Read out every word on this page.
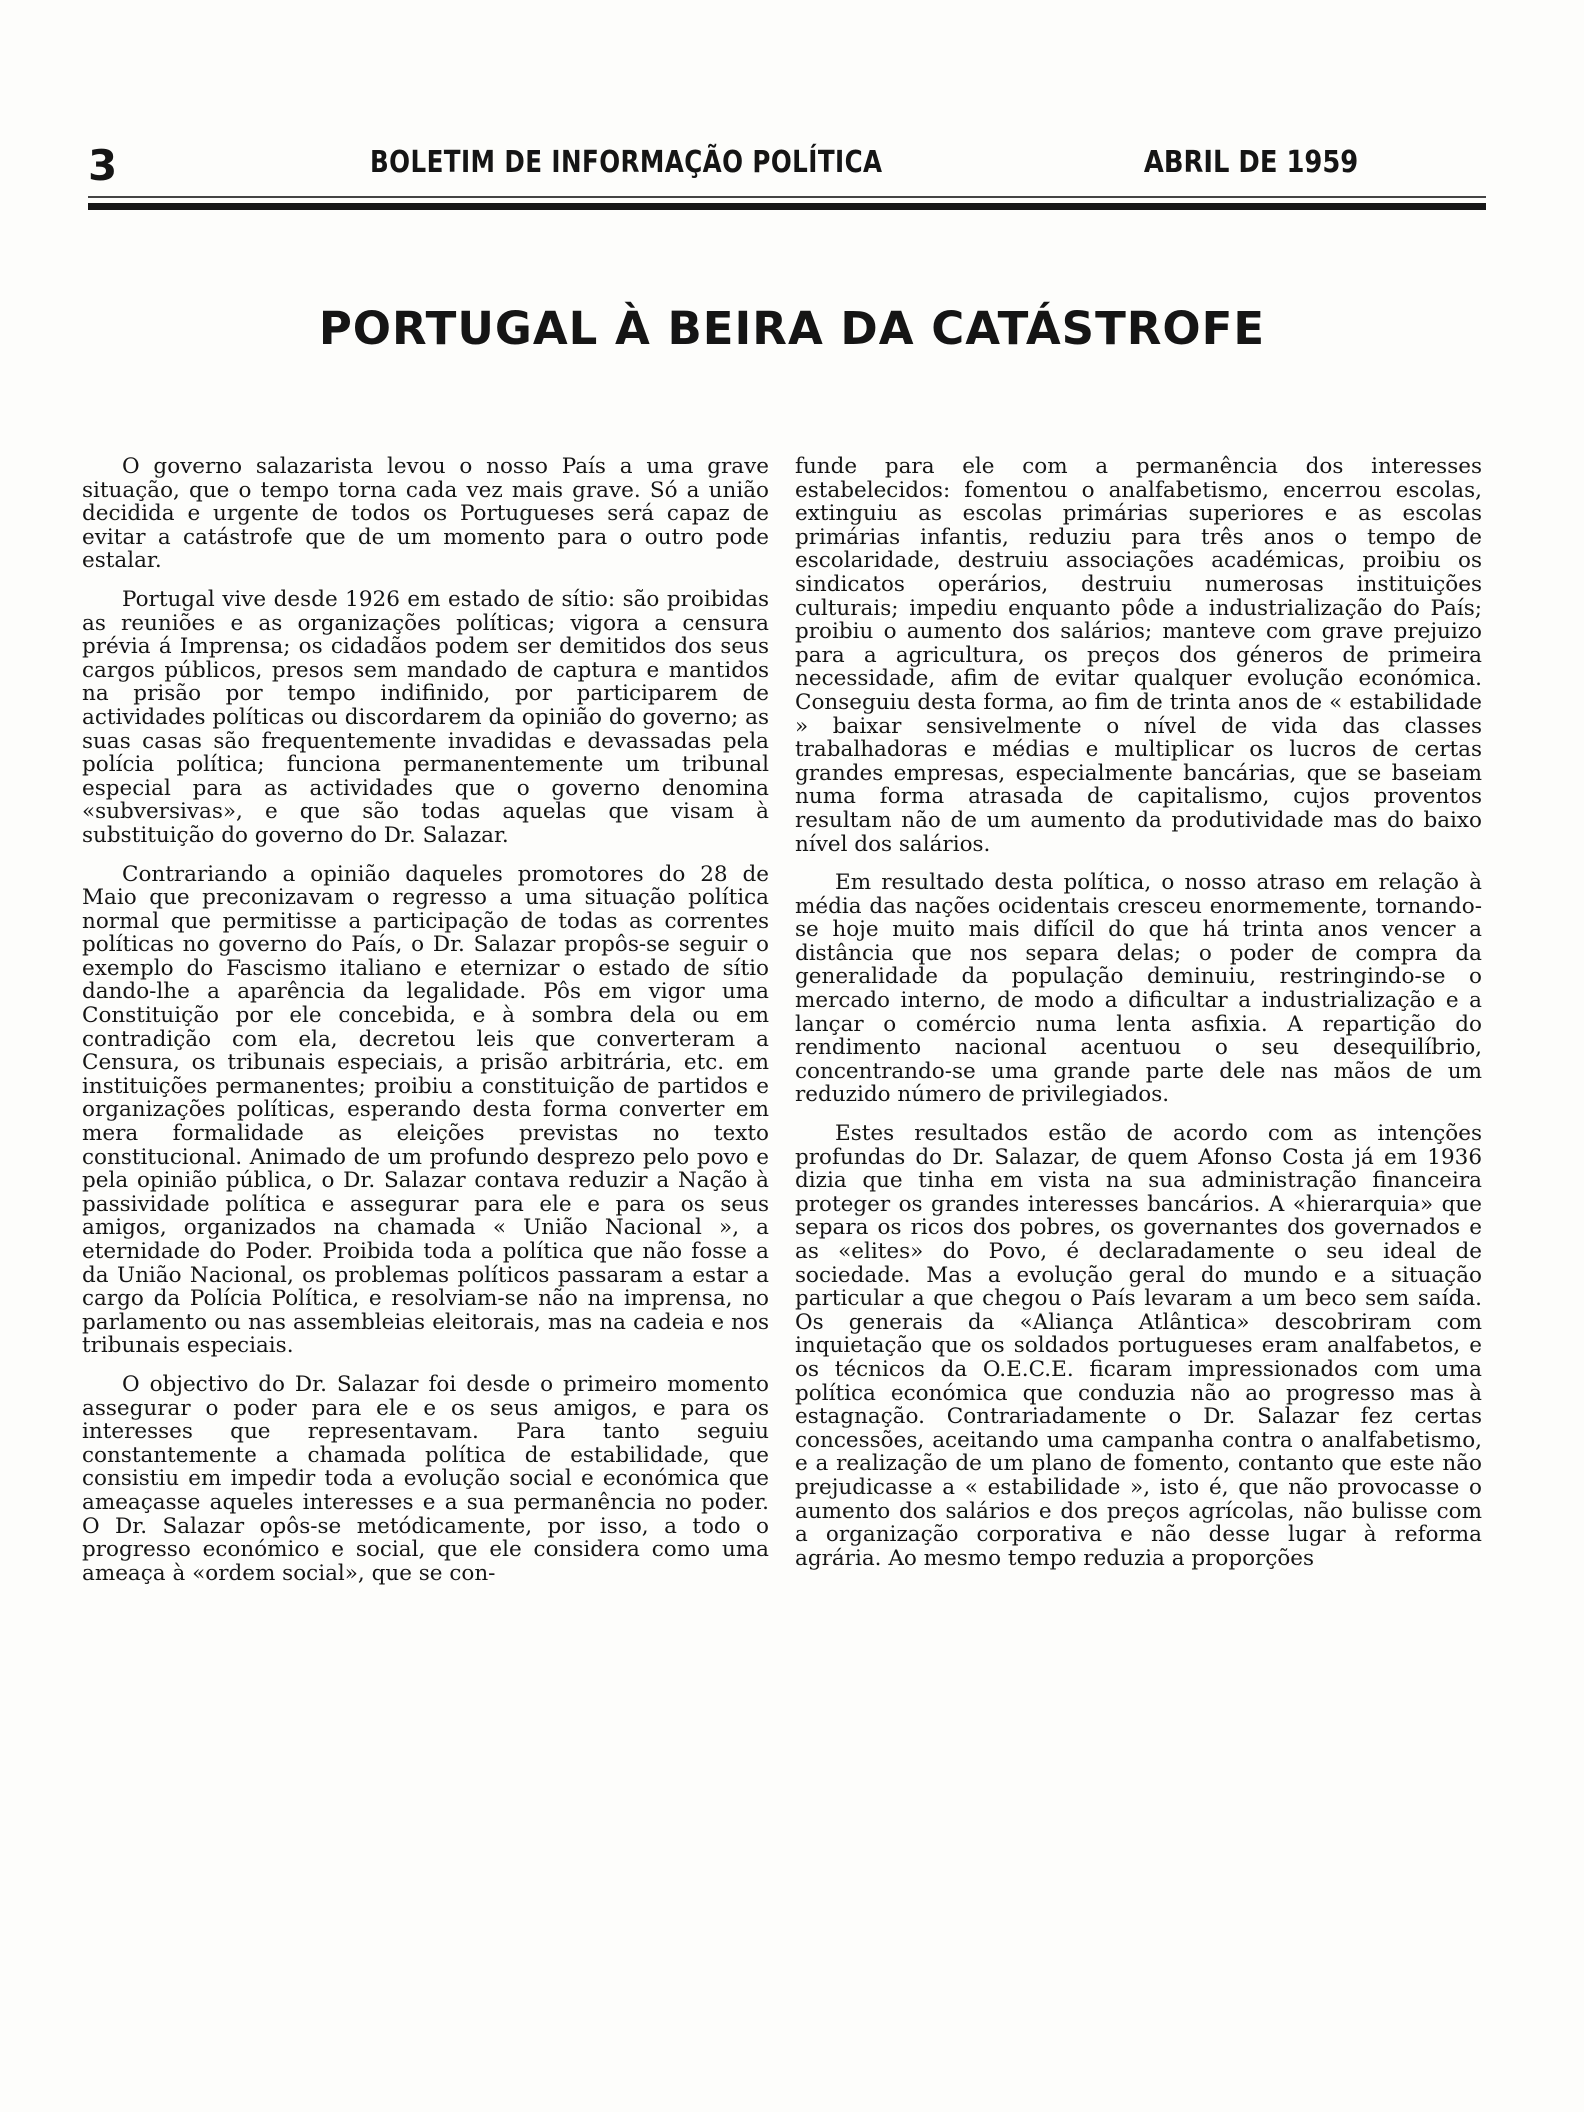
3	BOLETIM DE INFORMAÇÃO POLÍTICA	ABRIL DE 1959
PORTUGAL À BEIRA DA CATÁSTROFE

O governo salazarista levou o nosso País a uma grave situação, que o tempo torna cada vez mais grave. Só a união decidida e urgente de todos os Portugueses será capaz de evitar a catástrofe que de um momento para o outro pode estalar.

Portugal vive desde 1926 em estado de sítio: são proibidas as reuniões e as organizações políticas; vigora a censura prévia á Imprensa; os cidadãos podem ser demitidos dos seus cargos públicos, presos sem mandado de captura e mantidos na prisão por tempo indifinido, por participarem de actividades políticas ou discordarem da opinião do governo; as suas casas são frequentemente invadidas e devassadas pela polícia política; funciona permanentemente um tribunal especial para as actividades que o governo denomina «subversivas», e que são todas aquelas que visam à substituição do governo do Dr. Salazar.

Contrariando a opinião daqueles promotores do 28 de Maio que preconizavam o regresso a uma situação política normal que permitisse a participação de todas as correntes políticas no governo do País, o Dr. Salazar propôs-se seguir o exemplo do Fascismo italiano e eternizar o estado de sítio dando-lhe a aparência da legalidade. Pôs em vigor uma Constituição por ele concebida, e à sombra dela ou em contradição com ela, decretou leis que converteram a Censura, os tribunais especiais, a prisão arbitrária, etc. em instituições permanentes; proibiu a constituição de partidos e organizações políticas, esperando desta forma converter em mera formalidade as eleições previstas no texto constitucional. Animado de um profundo desprezo pelo povo e pela opinião pública, o Dr. Salazar contava reduzir a Nação à passividade política e assegurar para ele e para os seus amigos, organizados na chamada « União Nacional », a eternidade do Poder. Proibida toda a política que não fosse a da União Nacional, os problemas políticos passaram a estar a cargo da Polícia Política, e resolviam-se não na imprensa, no parlamento ou nas assembleias eleitorais, mas na cadeia e nos tribunais especiais.

O objectivo do Dr. Salazar foi desde o primeiro momento assegurar o poder para ele e os seus amigos, e para os interesses que representavam. Para tanto seguiu constantemente a chamada política de estabilidade, que consistiu em impedir toda a evolução social e económica que ameaçasse aqueles interesses e a sua permanência no poder. O Dr. Salazar opôs-se metódicamente, por isso, a todo o progresso económico e social, que ele considera como uma ameaça à «ordem social», que se con-

funde para ele com a permanência dos interesses estabelecidos: fomentou o analfabetismo, encerrou escolas, extinguiu as escolas primárias superiores e as escolas primárias infantis, reduziu para três anos o tempo de escolaridade, destruiu associações académicas, proibiu os sindicatos operários, destruiu numerosas instituições culturais; impediu enquanto pôde a industrialização do País; proibiu o aumento dos salários; manteve com grave prejuizo para a agricultura, os preços dos géneros de primeira necessidade, afim de evitar qualquer evolução económica. Conseguiu desta forma, ao fim de trinta anos de « estabilidade » baixar sensivelmente o nível de vida das classes trabalhadoras e médias e multiplicar os lucros de certas grandes empresas, especialmente bancárias, que se baseiam numa forma atrasada de capitalismo, cujos proventos resultam não de um aumento da produtividade mas do baixo nível dos salários.

Em resultado desta política, o nosso atraso em relação à média das nações ocidentais cresceu enormemente, tornando-se hoje muito mais difícil do que há trinta anos vencer a distância que nos separa delas; o poder de compra da generalidade da população deminuiu, restringindo-se o mercado interno, de modo a dificultar a industrialização e a lançar o comércio numa lenta asfixia. A repartição do rendimento nacional acentuou o seu desequilíbrio, concentrando-se uma grande parte dele nas mãos de um reduzido número de privilegiados.

Estes resultados estão de acordo com as intenções profundas do Dr. Salazar, de quem Afonso Costa já em 1936 dizia que tinha em vista na sua administração financeira proteger os grandes interesses bancários. A «hierarquia» que separa os ricos dos pobres, os governantes dos governados e as «elites» do Povo, é declaradamente o seu ideal de sociedade. Mas a evolução geral do mundo e a situação particular a que chegou o País levaram a um beco sem saída. Os generais da «Aliança Atlântica» descobriram com inquietação que os soldados portugueses eram analfabetos, e os técnicos da O.E.C.E. ficaram impressionados com uma política económica que conduzia não ao progresso mas à estagnação. Contrariadamente o Dr. Salazar fez certas concessões, aceitando uma campanha contra o analfabetismo, e a realização de um plano de fomento, contanto que este não prejudicasse a « estabilidade », isto é, que não provocasse o aumento dos salários e dos preços agrícolas, não bulisse com a organização corporativa e não desse lugar à reforma agrária. Ao mesmo tempo reduzia a proporções
